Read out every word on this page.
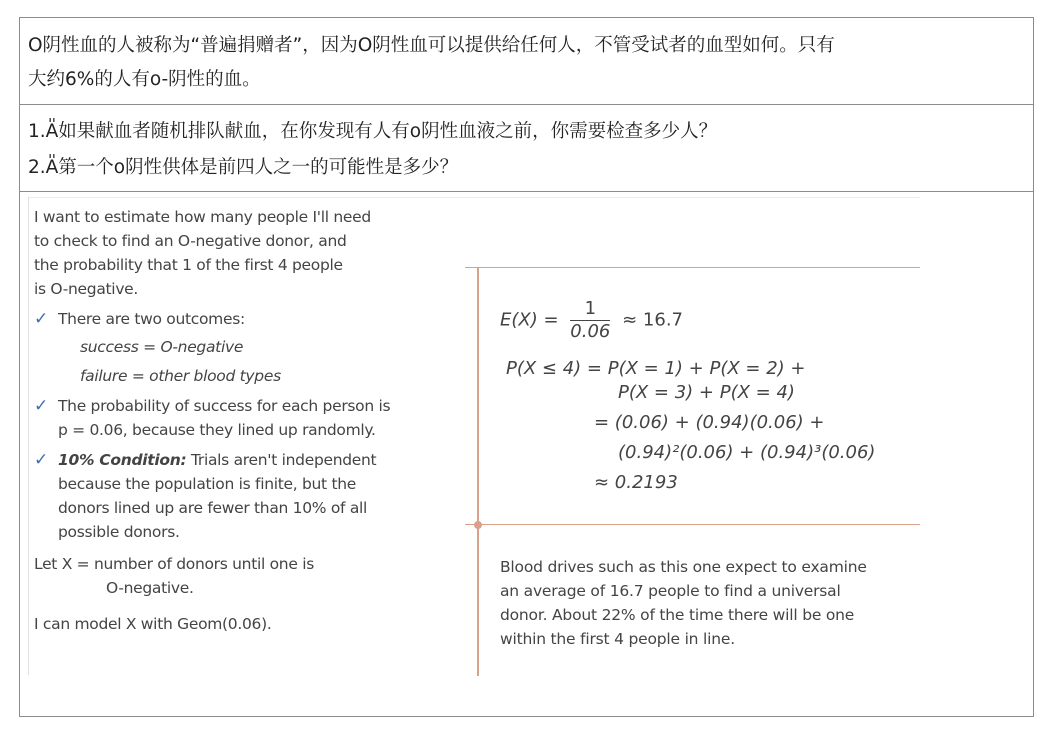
O阴性血的人被称为“普遍捐赠者”，因为O阴性血可以提供给任何人，不管受试者的血型如何。只有

大约6%的人有o-阴性的血。

1.A̎如果献血者随机排队献血，在你发现有人有o阴性血液之前，你需要检查多少人？

2.A̎第一个o阴性供体是前四人之一的可能性是多少？

I want to estimate how many people I'll need

to check to find an O-negative donor, and

the probability that 1 of the first 4 people

is O-negative.

✓ There are two outcomes:

success = O-negative

failure = other blood types

✓ The probability of success for each person is
p = 0.06, because they lined up randomly.

✓ 10% Condition: Trials aren't independent
because the population is finite, but the
donors lined up are fewer than 10% of all
possible donors.

Let X = number of donors until one is

O-negative.

I can model X with Geom(0.06).

$E(X) = \frac{1}{0.06} \approx 16.7$
P(X ≤ 4) = P(X = 1) + P(X = 2) +
P(X = 3) + P(X = 4)
= (0.06) + (0.94)(0.06) +
(0.94)²(0.06) + (0.94)³(0.06)
≈ 0.2193

Blood drives such as this one expect to examine

an average of 16.7 people to find a universal

donor. About 22% of the time there will be one

within the first 4 people in line.
